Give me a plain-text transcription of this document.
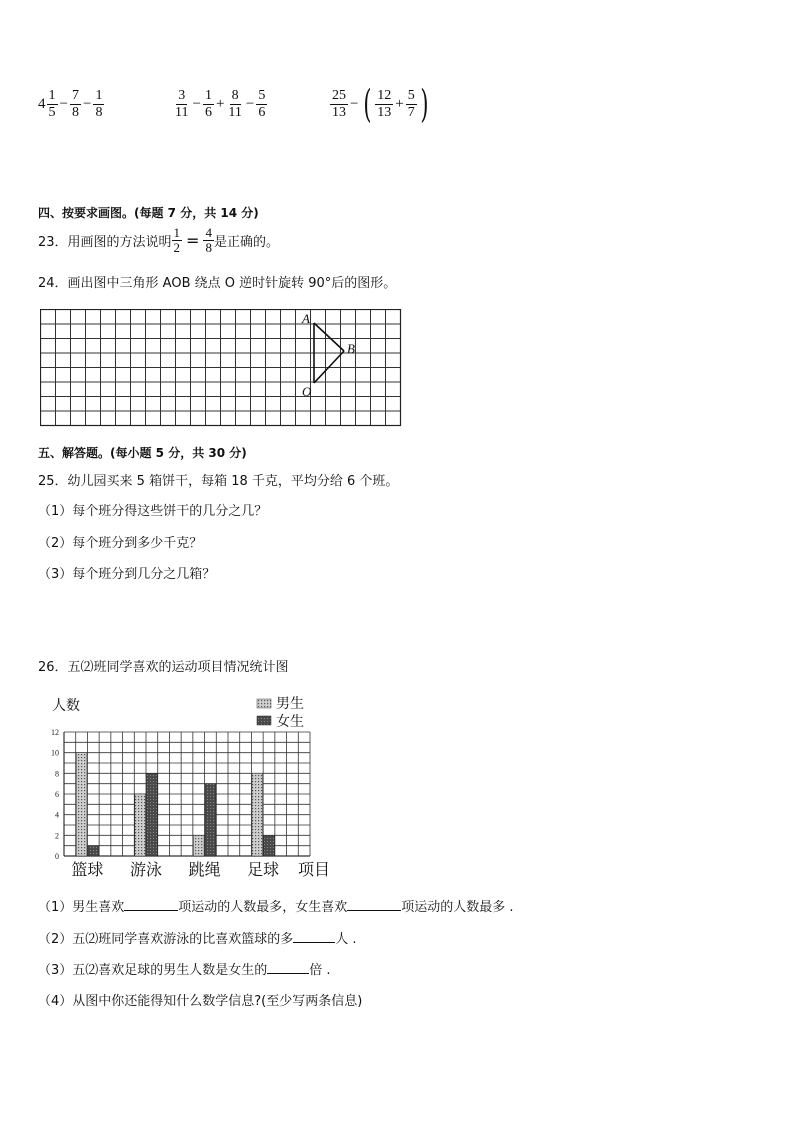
$4 \frac{1}{5} - \frac{7}{8} - \frac{1}{8}$	$\frac{3}{11} - \frac{1}{6} + \frac{8}{11} - \frac{5}{6}$	$\frac{25}{13}$ − ( $\frac{12}{13} + \frac{5}{7}$ )
四、按要求画图。(每题 7 分，共 14 分)
23．用画图的方法说明 $\frac{1}{2} = \frac{4}{8}$ 是正确的。
24．画出图中三角形 AOB 绕点 O 逆时针旋转 90°后的图形。
A
B
O
五、解答题。(每小题 5 分，共 30 分)
25．幼儿园买来 5 箱饼干，每箱 18 千克，平均分给 6 个班。
（1）每个班分得这些饼干的几分之几？
（2）每个班分到多少千克？
（3）每个班分到几分之几箱？
26．五⑵班同学喜欢的运动项目情况统计图
人数
0
2
4
6
8
10
12
篮球 游泳 跳绳 足球 项目
男生
女生
（1）男生喜欢	项运动的人数最多，女生喜欢	项运动的人数最多 .
（2）五⑵班同学喜欢游泳的比喜欢篮球的多	人 .
（3）五⑵喜欢足球的男生人数是女生的	倍 .
（4）从图中你还能得知什么数学信息?(至少写两条信息)
